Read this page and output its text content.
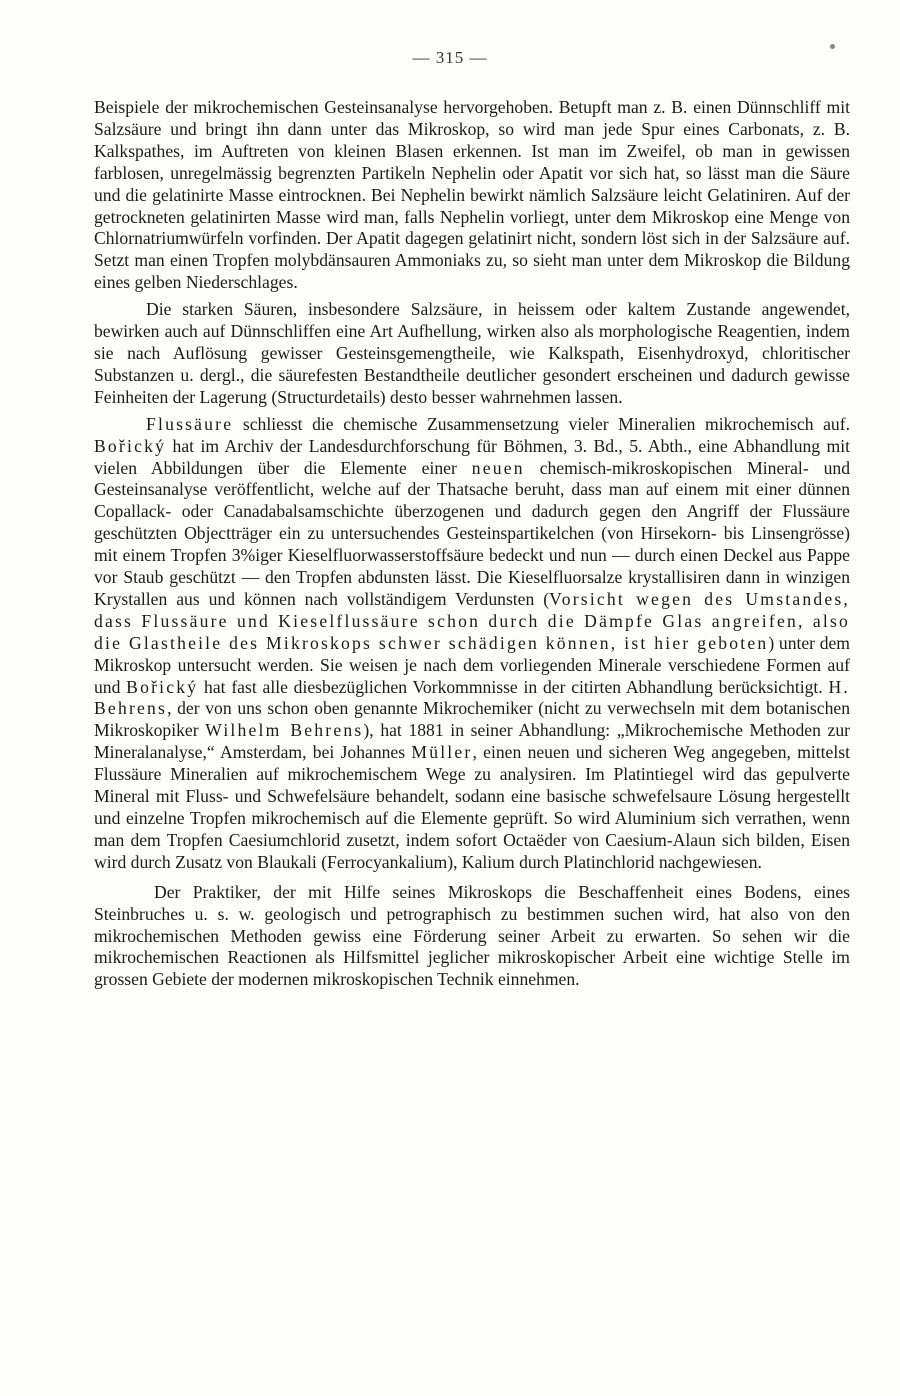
— 315 —

Beispiele der mikrochemischen Gesteinsanalyse hervorgehoben. Betupft man z. B. einen Dünnschliff mit Salzsäure und bringt ihn dann unter das Mikroskop, so wird man jede Spur eines Carbonats, z. B. Kalkspathes, im Auftreten von kleinen Blasen erkennen. Ist man im Zweifel, ob man in gewissen farblosen, unregelmässig begrenzten Partikeln Nephelin oder Apatit vor sich hat, so lässt man die Säure und die gelatinirte Masse eintrocknen. Bei Nephelin bewirkt nämlich Salzsäure leicht Gelatiniren. Auf der getrockneten gelatinirten Masse wird man, falls Nephelin vorliegt, unter dem Mikroskop eine Menge von Chlornatriumwürfeln vorfinden. Der Apatit dagegen gelatinirt nicht, sondern löst sich in der Salzsäure auf. Setzt man einen Tropfen molybdänsauren Ammoniaks zu, so sieht man unter dem Mikroskop die Bildung eines gelben Niederschlages.

Die starken Säuren, insbesondere Salzsäure, in heissem oder kaltem Zustande angewendet, bewirken auch auf Dünnschliffen eine Art Aufhellung, wirken also als morphologische Reagentien, indem sie nach Auflösung gewisser Gesteinsgemengtheile, wie Kalkspath, Eisenhydroxyd, chloritischer Substanzen u. dergl., die säurefesten Bestandtheile deutlicher gesondert erscheinen und dadurch gewisse Feinheiten der Lagerung (Structurdetails) desto besser wahrnehmen lassen.

Flussäure schliesst die chemische Zusammensetzung vieler Mineralien mikrochemisch auf. Bořický hat im Archiv der Landesdurchforschung für Böhmen, 3. Bd., 5. Abth., eine Abhandlung mit vielen Abbildungen über die Elemente einer neuen chemisch-mikroskopischen Mineral- und Gesteinsanalyse veröffentlicht, welche auf der Thatsache beruht, dass man auf einem mit einer dünnen Copallack- oder Canadabalsamschichte überzogenen und dadurch gegen den Angriff der Flussäure geschützten Objectträger ein zu untersuchendes Gesteinspartikelchen (von Hirsekorn- bis Linsengrösse) mit einem Tropfen 3%iger Kieselfluorwasserstoffsäure bedeckt und nun — durch einen Deckel aus Pappe vor Staub geschützt — den Tropfen abdunsten lässt. Die Kieselfluorsalze krystallisiren dann in winzigen Krystallen aus und können nach vollständigem Verdunsten (Vorsicht wegen des Umstandes, dass Flussäure und Kieselflussäure schon durch die Dämpfe Glas angreifen, also die Glastheile des Mikroskops schwer schädigen können, ist hier geboten) unter dem Mikroskop untersucht werden. Sie weisen je nach dem vorliegenden Minerale verschiedene Formen auf und Bořický hat fast alle diesbezüglichen Vorkommnisse in der citirten Abhandlung berücksichtigt. H. Behrens, der von uns schon oben genannte Mikrochemiker (nicht zu verwechseln mit dem botanischen Mikroskopiker Wilhelm Behrens), hat 1881 in seiner Abhandlung: „Mikrochemische Methoden zur Mineralanalyse,“ Amsterdam, bei Johannes Müller, einen neuen und sicheren Weg angegeben, mittelst Flussäure Mineralien auf mikrochemischem Wege zu analysiren. Im Platintiegel wird das gepulverte Mineral mit Fluss- und Schwefelsäure behandelt, sodann eine basische schwefelsaure Lösung hergestellt und einzelne Tropfen mikrochemisch auf die Elemente geprüft. So wird Aluminium sich verrathen, wenn man dem Tropfen Caesiumchlorid zusetzt, indem sofort Octaëder von Caesium-Alaun sich bilden, Eisen wird durch Zusatz von Blaukali (Ferrocyankalium), Kalium durch Platinchlorid nachgewiesen.

Der Praktiker, der mit Hilfe seines Mikroskops die Beschaffenheit eines Bodens, eines Steinbruches u. s. w. geologisch und petrographisch zu bestimmen suchen wird, hat also von den mikrochemischen Methoden gewiss eine Förderung seiner Arbeit zu erwarten. So sehen wir die mikrochemischen Reactionen als Hilfsmittel jeglicher mikroskopischer Arbeit eine wichtige Stelle im grossen Gebiete der modernen mikroskopischen Technik einnehmen.
